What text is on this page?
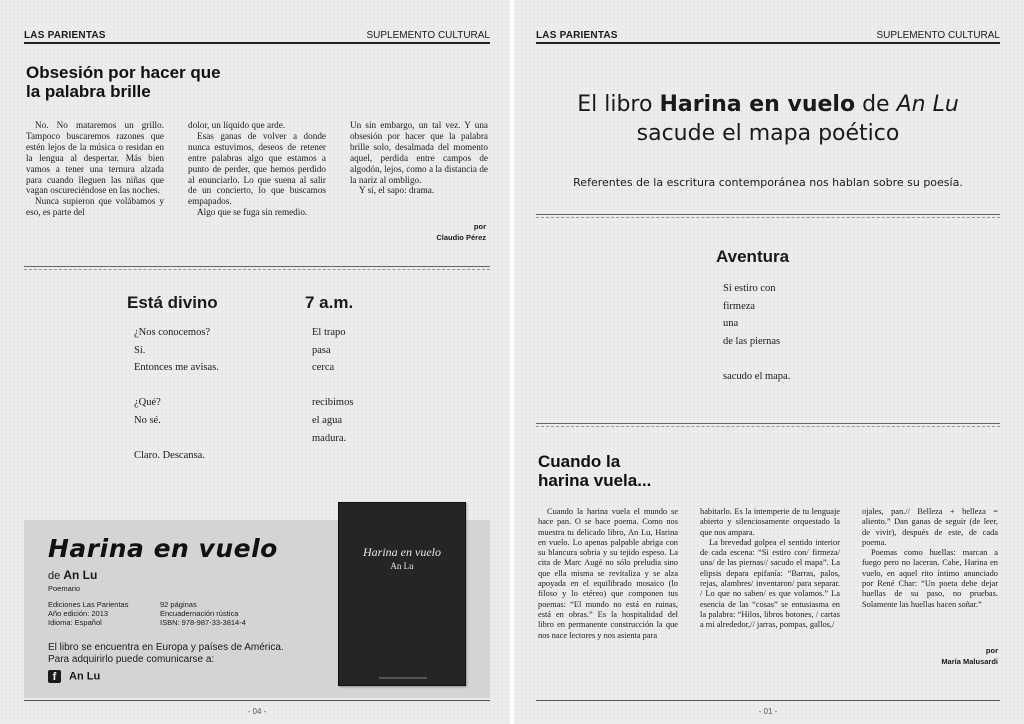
LAS PARIENTAS	SUPLEMENTO CULTURAL
Obsesión por hacer que
la palabra brille

No. No mataremos un grillo. Tampoco buscaremos razones que estén lejos de la música o residan en la lengua al despertar. Más bien vamos a tener una ternura alzada para cuando lleguen las niñas que vagan oscureciéndose en las noches.

Nunca supieron que volábamos y eso, es parte del

dolor, un líquido que arde.

Esas ganas de volver a donde nunca estuvimos, deseos de retener entre palabras algo que estamos a punto de perder, que hemos perdido al enunciarlo. Lo que suena al salir de un concierto, lo que buscamos empapados.

Algo que se fuga sin remedio.

Un sin embargo, un tal vez. Y una obsesión por hacer que la palabra brille solo, desalmada del momento aquel, perdida entre campos de algodón, lejos, como a la distancia de la nariz al ombligo.

Y sí, el sapo: drama.

por
Claudio Pérez
Está divino
¿Nos conocemos?
Sí.
Entonces me avisas.
¿Qué?
No sé.
Claro. Descansa.
7 a.m.
El trapo
pasa
cerca
recibimos
el agua
madura.
Harina en vuelo
de An Lu
Poemario
Ediciones Las Parientas
Año edición: 2013
Idioma: Español
92 páginas
Encuadernación rústica
ISBN: 978-987-33-3814-4
El libro se encuentra en Europa y países de América.
Para adquirirlo puede comunicarse a:
f An Lu
Harina en vuelo
An Lu
- 04 -
LAS PARIENTAS	SUPLEMENTO CULTURAL
El libro Harina en vuelo de An Lu
sacude el mapa poético
Referentes de la escritura contemporánea nos hablan sobre su poesía.
Aventura
Si estiro con
firmeza
una
de las piernas
sacudo el mapa.
Cuando la
harina vuela...

Cuando la harina vuela el mundo se hace pan. O se hace poema. Como nos muestra tu delicado libro, An Lu, Harina en vuelo. Lo apenas palpable abriga con su blancura sobria y su tejido espeso. La cita de Marc Augé no sólo preludia sino que ella misma se revitaliza y se alza apoyada en el equilibrado mosaico (lo filoso y lo etéreo) que componen tus poemas: “El mundo no está en ruinas, está en obras.” Es la hospitalidad del libro en permanente construcción la que nos nace lectores y nos asienta para

habitarlo. Es la intemperie de tu lenguaje abierto y silenciosamente orquestado la que nos ampara.

La brevedad golpea el sentido interior de cada escena: “Si estiro con/ firmeza/ una/ de las piernas// sacudo el mapa”. La elipsis depara epifanía: “Barras, palos, rejas, alambres/ inventaron/ para separar. / Lo que no saben/ es que volamos.” La esencia de las “cosas” se entusiasma en la palabra: “Hilos, libros botones, / cartas a mi alrededor,// jarras, pompas, gallos,/

ojales, pan.// Belleza + belleza = aliento.” Dan ganas de seguir (de leer, de vivir), después de este, de cada poema.

Poemas como huellas: marcan a fuego pero no laceran. Cabe, Harina en vuelo, en aquel rito íntimo anunciado por René Char: “Un poeta debe dejar huellas de su paso, no pruebas. Solamente las huellas hacen soñar.”

por
María Malusardi
- 01 -
